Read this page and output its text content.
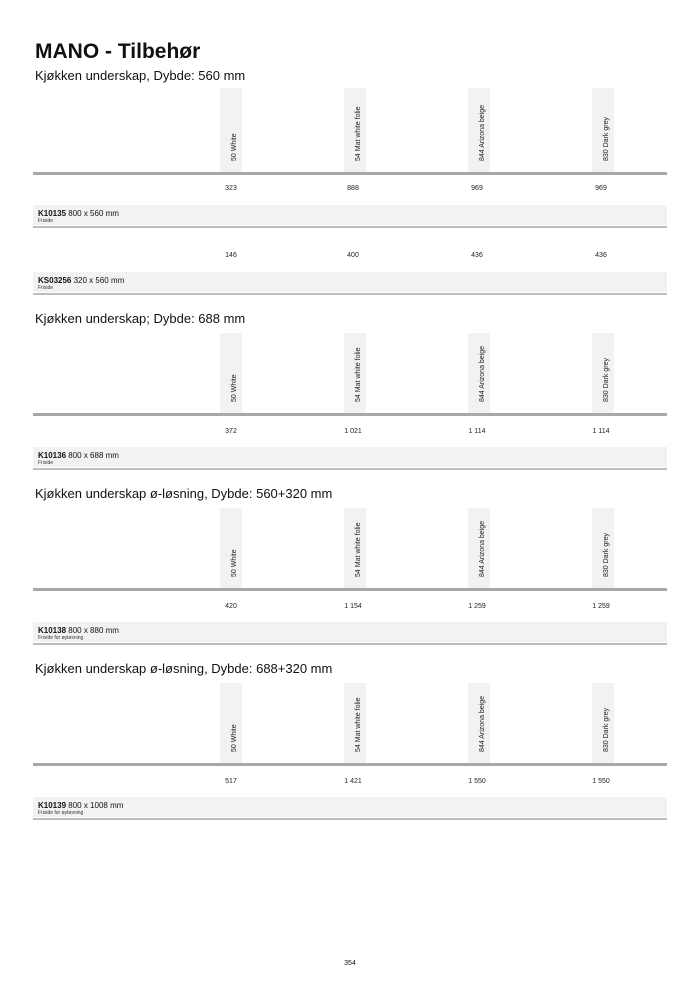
MANO - Tilbehør
Kjøkken underskap, Dybde: 560 mm
50 White	54 Mat white folie	844 Arizona beige	830 Dark grey
323	888	969	969
K10135 800 x 560 mm
Friside
146	400	436	436
KS03256 320 x 560 mm
Friside
Kjøkken underskap; Dybde: 688 mm
50 White	54 Mat white folie	844 Arizona beige	830 Dark grey
372	1 021	1 114	1 114
K10136 800 x 688 mm
Friside
Kjøkken underskap ø-løsning, Dybde: 560+320 mm
50 White	54 Mat white folie	844 Arizona beige	830 Dark grey
420	1 154	1 259	1 259
K10138 800 x 880 mm
Friside for øyløsning
Kjøkken underskap ø-løsning, Dybde: 688+320 mm
50 White	54 Mat white folie	844 Arizona beige	830 Dark grey
517	1 421	1 550	1 550
K10139 800 x 1008 mm
Friside for øyløsning
354
